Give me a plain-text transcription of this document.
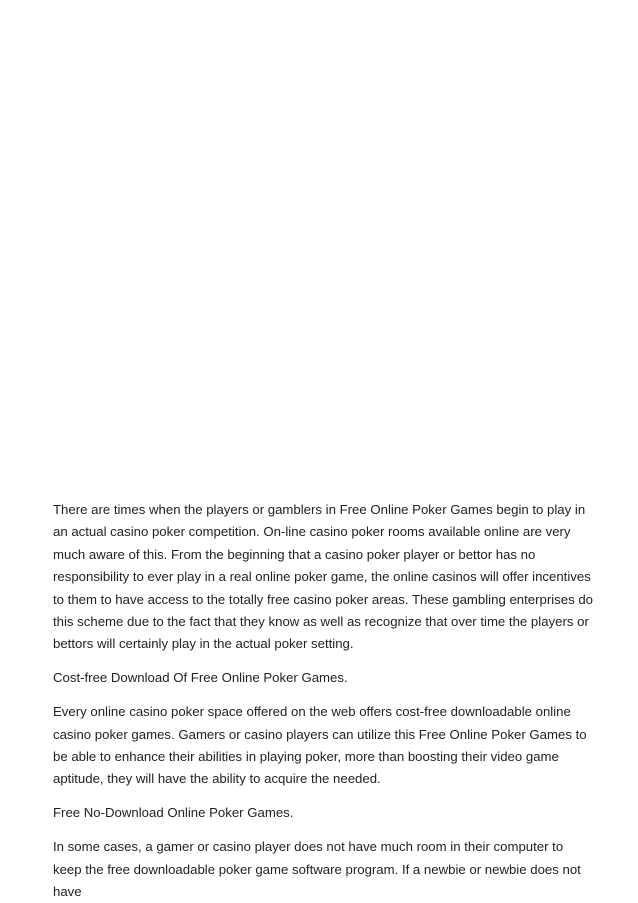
There are times when the players or gamblers in Free Online Poker Games begin to play in an actual casino poker competition. On-line casino poker rooms available online are very much aware of this. From the beginning that a casino poker player or bettor has no responsibility to ever play in a real online poker game, the online casinos will offer incentives to them to have access to the totally free casino poker areas. These gambling enterprises do this scheme due to the fact that they know as well as recognize that over time the players or bettors will certainly play in the actual poker setting.

Cost-free Download Of Free Online Poker Games.

Every online casino poker space offered on the web offers cost-free downloadable online casino poker games. Gamers or casino players can utilize this Free Online Poker Games to be able to enhance their abilities in playing poker, more than boosting their video game aptitude, they will have the ability to acquire the needed.

Free No-Download Online Poker Games.

In some cases, a gamer or casino player does not have much room in their computer to keep the free downloadable poker game software program. If a newbie or newbie does not have
